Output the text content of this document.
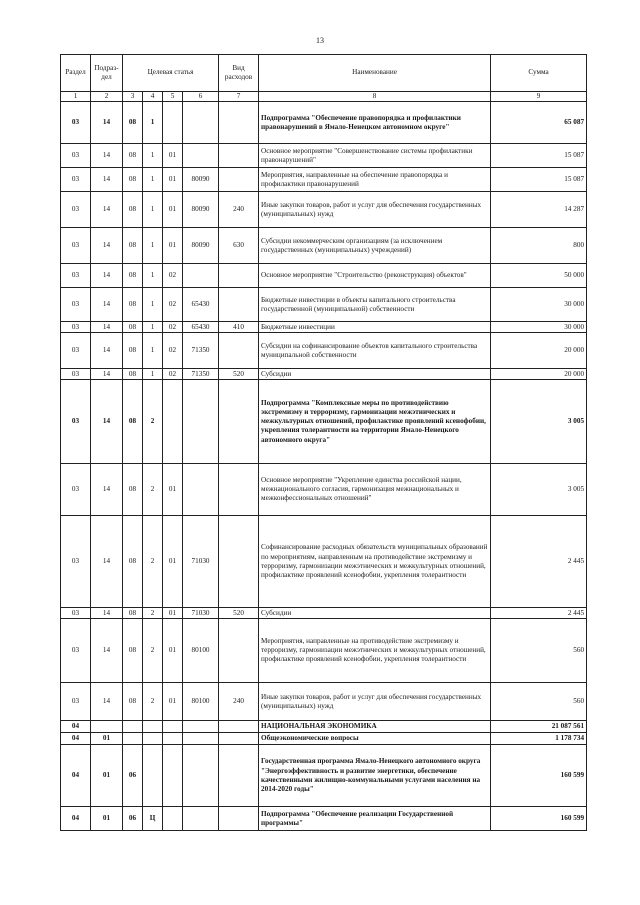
13
Раздел	Подраз-дел	Целевая статья				Вид расходов	Наименование	Сумма
1	2	3	4	5	6	7	8	9
03	14	08	1				Подпрограмма "Обеспечение правопорядка и профилактики правонарушений в Ямало-Ненецком автономном округе"	65 087
03	14	08	1	01			Основное мероприятие "Совершенствование системы профилактики правонарушений"	15 087
03	14	08	1	01	80090		Мероприятия, направленные на обеспечение правопорядка и профилактики правонарушений	15 087
03	14	08	1	01	80090	240	Иные закупки товаров, работ и услуг для обеспечения государственных (муниципальных) нужд	14 287
03	14	08	1	01	80090	630	Субсидии некоммерческим организациям (за исключением государственных (муниципальных) учреждений)	800
03	14	08	1	02			Основное мероприятие "Строительство (реконструкция) объектов"	50 000
03	14	08	1	02	65430		Бюджетные инвестиции в объекты капитального строительства государственной (муниципальной) собственности	30 000
03	14	08	1	02	65430	410	Бюджетные инвестиции	30 000
03	14	08	1	02	71350		Субсидии на софинансирование объектов капитального строительства муниципальной собственности	20 000
03	14	08	1	02	71350	520	Субсидии	20 000
03	14	08	2				Подпрограмма "Комплексные меры по противодействию экстремизму и терроризму, гармонизации межэтнических и межкультурных отношений, профилактике проявлений ксенофобии, укрепления толерантности на территории Ямало-Ненецкого автономного округа"	3 005
03	14	08	2	01			Основное мероприятие "Укрепление единства российской нации, межнационального согласия, гармонизация межнациональных и межконфессиональных отношений"	3 005
03	14	08	2	01	71030		Софинансирование расходных обязательств муниципальных образований по мероприятиям, направленным на противодействие экстремизму и терроризму, гармонизации межэтнических и межкультурных отношений, профилактике проявлений ксенофобии, укрепления толерантности	2 445
03	14	08	2	01	71030	520	Субсидии	2 445
03	14	08	2	01	80100		Мероприятия, направленные на противодействие экстремизму и терроризму, гармонизации межэтнических и межкультурных отношений, профилактике проявлений ксенофобии, укрепления толерантности	560
03	14	08	2	01	80100	240	Иные закупки товаров, работ и услуг для обеспечения государственных (муниципальных) нужд	560
04							НАЦИОНАЛЬНАЯ ЭКОНОМИКА	21 087 561
04	01						Общеэкономические вопросы	1 178 734
04	01	06					Государственная программа Ямало-Ненецкого автономного округа "Энергоэффективность и развитие энергетики, обеспечение качественными жилищно-коммунальными услугами населения на 2014-2020 годы"	160 599
04	01	06	Ц				Подпрограмма "Обеспечение реализации Государственной программы"	160 599
